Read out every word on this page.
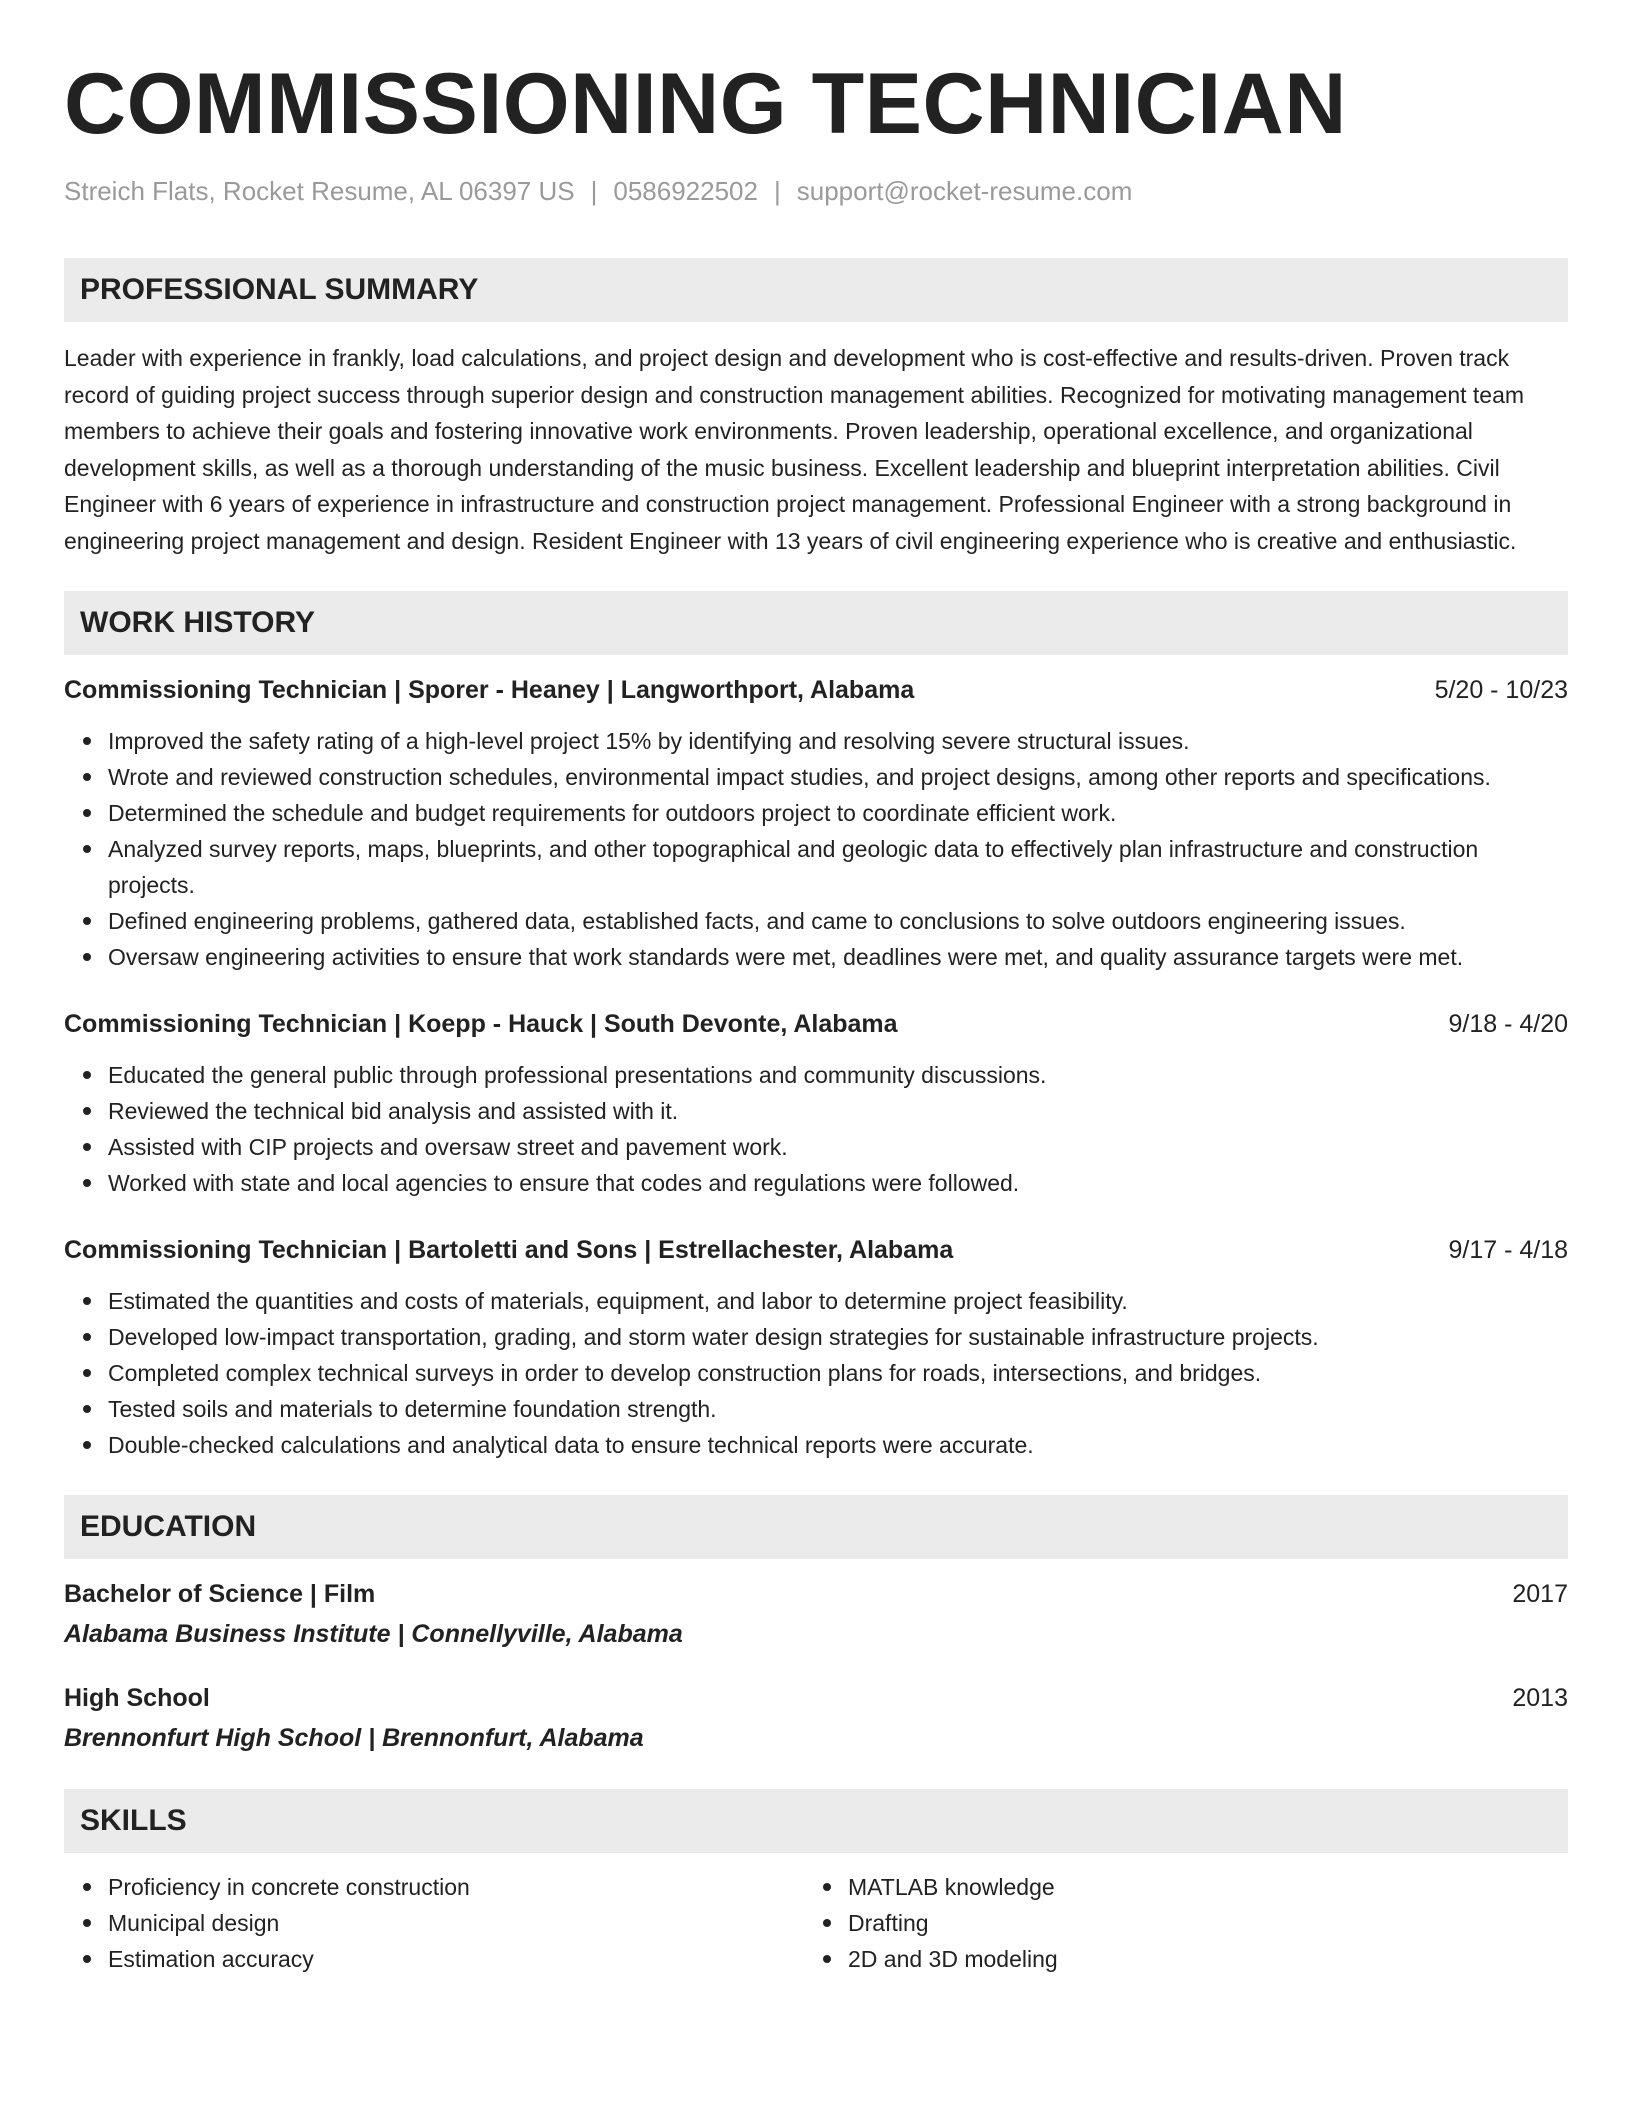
COMMISSIONING TECHNICIAN
Streich Flats, Rocket Resume, AL 06397 US | 0586922502 | support@rocket-resume.com
PROFESSIONAL SUMMARY
Leader with experience in frankly, load calculations, and project design and development who is cost-effective and results-driven. Proven track record of guiding project success through superior design and construction management abilities. Recognized for motivating management team members to achieve their goals and fostering innovative work environments. Proven leadership, operational excellence, and organizational development skills, as well as a thorough understanding of the music business. Excellent leadership and blueprint interpretation abilities. Civil Engineer with 6 years of experience in infrastructure and construction project management. Professional Engineer with a strong background in engineering project management and design. Resident Engineer with 13 years of civil engineering experience who is creative and enthusiastic.
WORK HISTORY
Commissioning Technician | Sporer - Heaney | Langworthport, Alabama	5/20 - 10/23
Improved the safety rating of a high-level project 15% by identifying and resolving severe structural issues.
Wrote and reviewed construction schedules, environmental impact studies, and project designs, among other reports and specifications.
Determined the schedule and budget requirements for outdoors project to coordinate efficient work.
Analyzed survey reports, maps, blueprints, and other topographical and geologic data to effectively plan infrastructure and construction projects.
Defined engineering problems, gathered data, established facts, and came to conclusions to solve outdoors engineering issues.
Oversaw engineering activities to ensure that work standards were met, deadlines were met, and quality assurance targets were met.
Commissioning Technician | Koepp - Hauck | South Devonte, Alabama	9/18 - 4/20
Educated the general public through professional presentations and community discussions.
Reviewed the technical bid analysis and assisted with it.
Assisted with CIP projects and oversaw street and pavement work.
Worked with state and local agencies to ensure that codes and regulations were followed.
Commissioning Technician | Bartoletti and Sons | Estrellachester, Alabama	9/17 - 4/18
Estimated the quantities and costs of materials, equipment, and labor to determine project feasibility.
Developed low-impact transportation, grading, and storm water design strategies for sustainable infrastructure projects.
Completed complex technical surveys in order to develop construction plans for roads, intersections, and bridges.
Tested soils and materials to determine foundation strength.
Double-checked calculations and analytical data to ensure technical reports were accurate.
EDUCATION
Bachelor of Science | Film	2017
Alabama Business Institute | Connellyville, Alabama
High School	2013
Brennonfurt High School | Brennonfurt, Alabama
SKILLS
Proficiency in concrete construction
Municipal design
Estimation accuracy
MATLAB knowledge
Drafting
2D and 3D modeling
